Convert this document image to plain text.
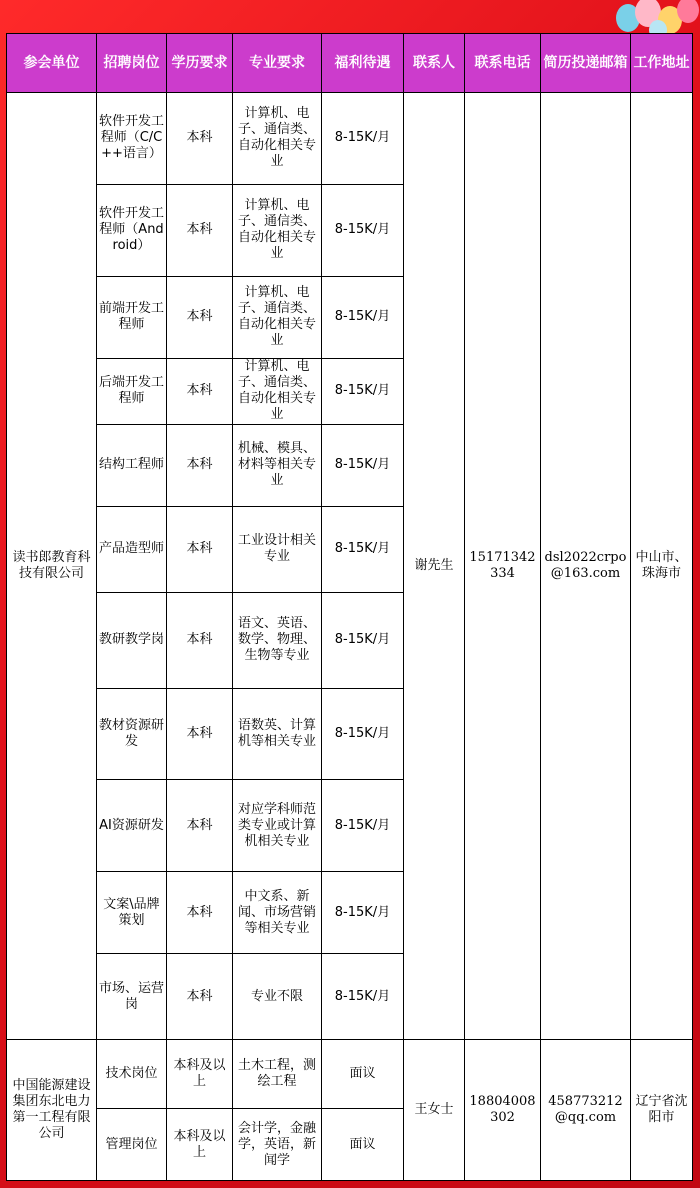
参会单位	招聘岗位	学历要求	专业要求	福利待遇	联系人	联系电话	简历投递邮箱	工作地址
读书郎教育科技有限公司	软件开发工程师（C/C++语言）	本科	计算机、电子、通信类、自动化相关专业	8-15K/月	谢先生	15171342334	dsl2022crpo@163.com	中山市、珠海市
	软件开发工程师（Android）	本科	计算机、电子、通信类、自动化相关专业	8-15K/月				
	前端开发工程师	本科	计算机、电子、通信类、自动化相关专业	8-15K/月				
	后端开发工程师	本科	计算机、电子、通信类、自动化相关专业	8-15K/月				
	结构工程师	本科	机械、模具、材料等相关专业	8-15K/月				
	产品造型师	本科	工业设计相关专业	8-15K/月				
	教研教学岗	本科	语文、英语、数学、物理、生物等专业	8-15K/月				
	教材资源研发	本科	语数英、计算机等相关专业	8-15K/月				
	AI资源研发	本科	对应学科师范类专业或计算机相关专业	8-15K/月				
	文案\品牌策划	本科	中文系、新闻、市场营销等相关专业	8-15K/月				
	市场、运营岗	本科	专业不限	8-15K/月				
中国能源建设集团东北电力第一工程有限公司	技术岗位	本科及以上	土木工程，测绘工程	面议	王女士	18804008302	458773212@qq.com	辽宁省沈阳市
	管理岗位	本科及以上	会计学，金融学，英语，新闻学	面议				
